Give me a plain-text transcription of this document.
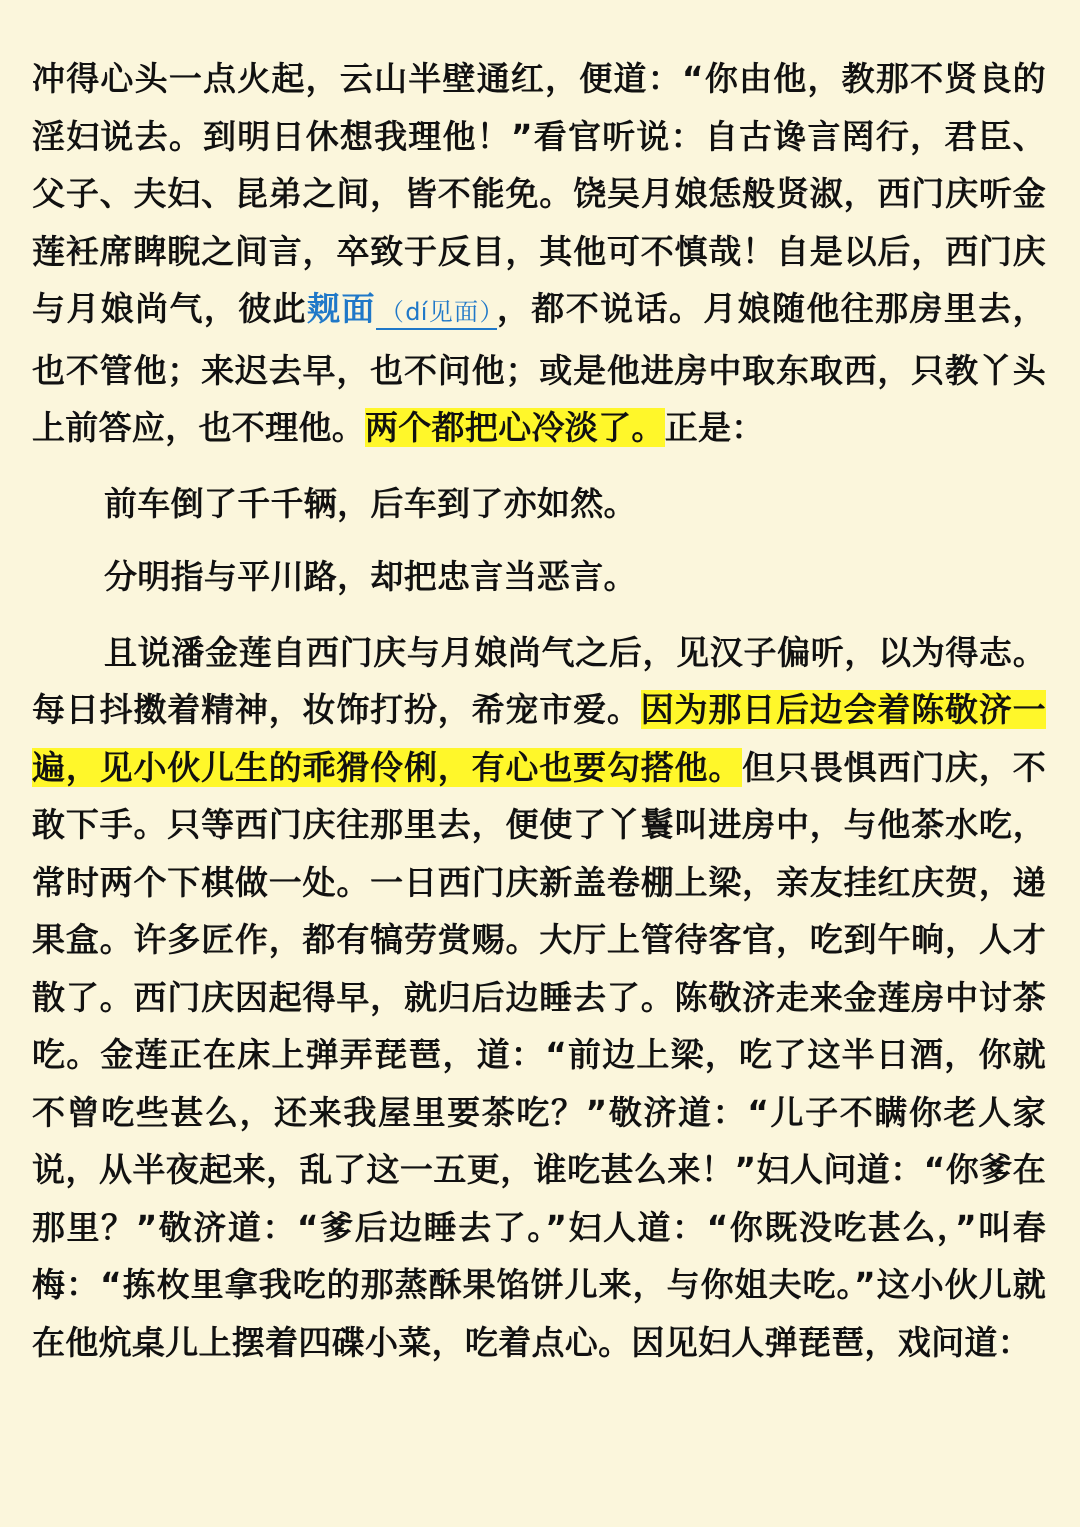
冲得心头一点火起，云山半壁通红，便道：“你由他，教那不贤良的淫妇说去。到明日休想我理他！”看官听说：自古谗言罔行，君臣、父子、夫妇、昆弟之间，皆不能免。饶吴月娘恁般贤淑，西门庆听金莲衽席睥睨之间言，卒致于反目，其他可不慎哉！自是以后，西门庆与月娘尚气，彼此觌面 （dí见面） ，都不说话。月娘随他往那房里去，也不管他；来迟去早，也不问他；或是他进房中取东取西，只教丫头上前答应，也不理他。两个都把心冷淡了。正是：

前车倒了千千辆，后车到了亦如然。

分明指与平川路，却把忠言当恶言。

且说潘金莲自西门庆与月娘尚气之后，见汉子偏听，以为得志。每日抖擞着精神，妆饰打扮，希宠市爱。因为那日后边会着陈敬济一遍，见小伙儿生的乖猾伶俐，有心也要勾搭他。但只畏惧西门庆，不敢下手。只等西门庆往那里去，便使了丫鬟叫进房中，与他茶水吃，常时两个下棋做一处。一日西门庆新盖卷棚上梁，亲友挂红庆贺，递果盒。许多匠作，都有犒劳赏赐。大厅上管待客官，吃到午晌，人才散了。西门庆因起得早，就归后边睡去了。陈敬济走来金莲房中讨茶吃。金莲正在床上弹弄琵琶，道：“前边上梁，吃了这半日酒，你就不曾吃些甚么，还来我屋里要茶吃？”敬济道：“儿子不瞒你老人家说，从半夜起来，乱了这一五更，谁吃甚么来！”妇人问道：“你爹在那里？”敬济道：“爹后边睡去了。”妇人道：“你既没吃甚么，”叫春梅：“拣枚里拿我吃的那蒸酥果馅饼儿来，与你姐夫吃。”这小伙儿就在他炕桌儿上摆着四碟小菜，吃着点心。因见妇人弹琵琶，戏问道：
